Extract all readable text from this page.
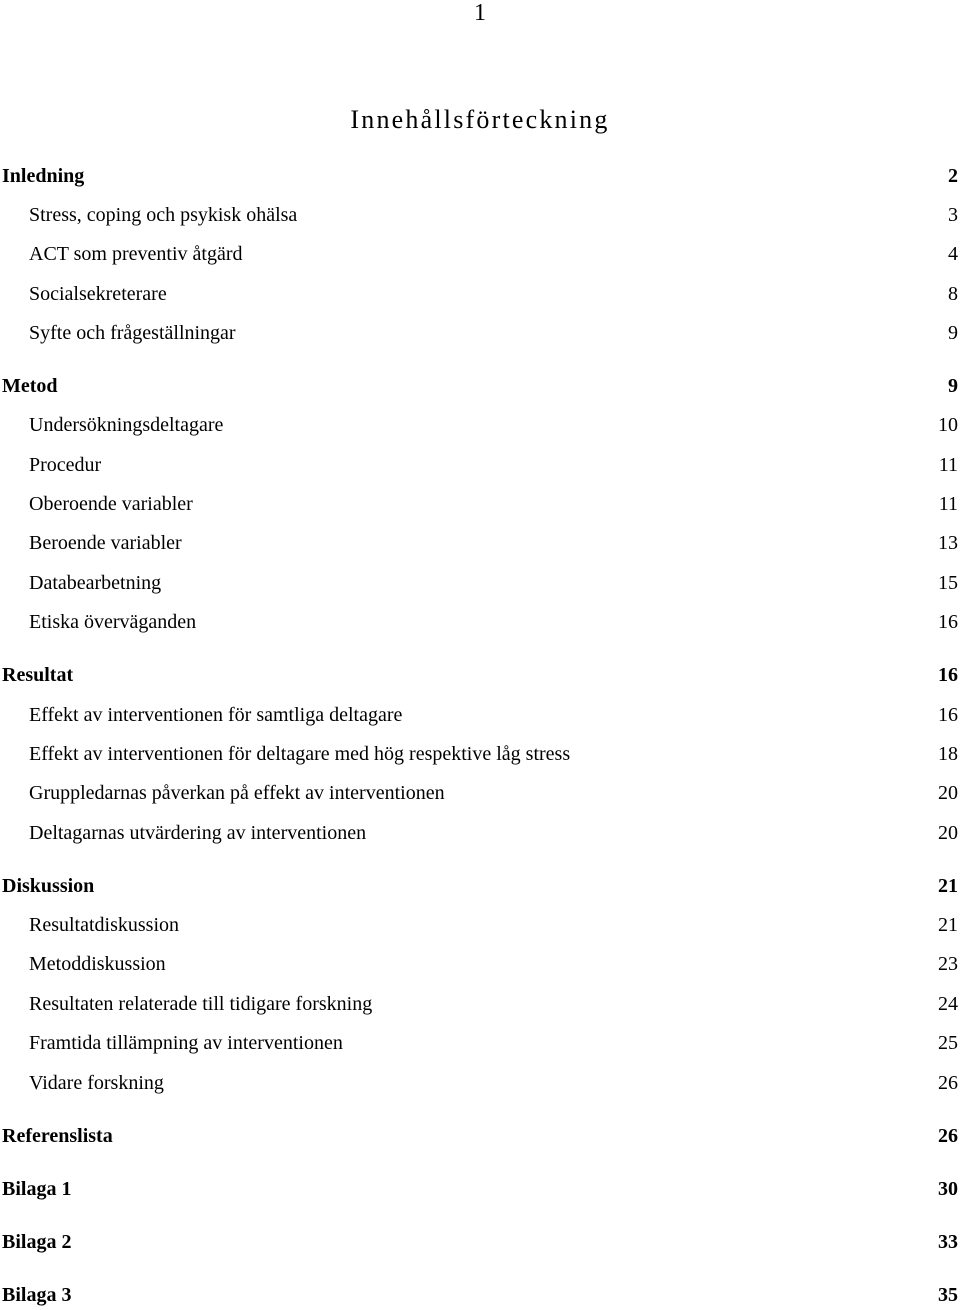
1
Innehållsförteckning
Inledning	2
Stress, coping och psykisk ohälsa	3
ACT som preventiv åtgärd	4
Socialsekreterare	8
Syfte och frågeställningar	9
Metod	9
Undersökningsdeltagare	10
Procedur	11
Oberoende variabler	11
Beroende variabler	13
Databearbetning	15
Etiska överväganden	16
Resultat	16
Effekt av interventionen för samtliga deltagare	16
Effekt av interventionen för deltagare med hög respektive låg stress	18
Gruppledarnas påverkan på effekt av interventionen	20
Deltagarnas utvärdering av interventionen	20
Diskussion	21
Resultatdiskussion	21
Metoddiskussion	23
Resultaten relaterade till tidigare forskning	24
Framtida tillämpning av interventionen	25
Vidare forskning	26
Referenslista	26
Bilaga 1	30
Bilaga 2	33
Bilaga 3	35
